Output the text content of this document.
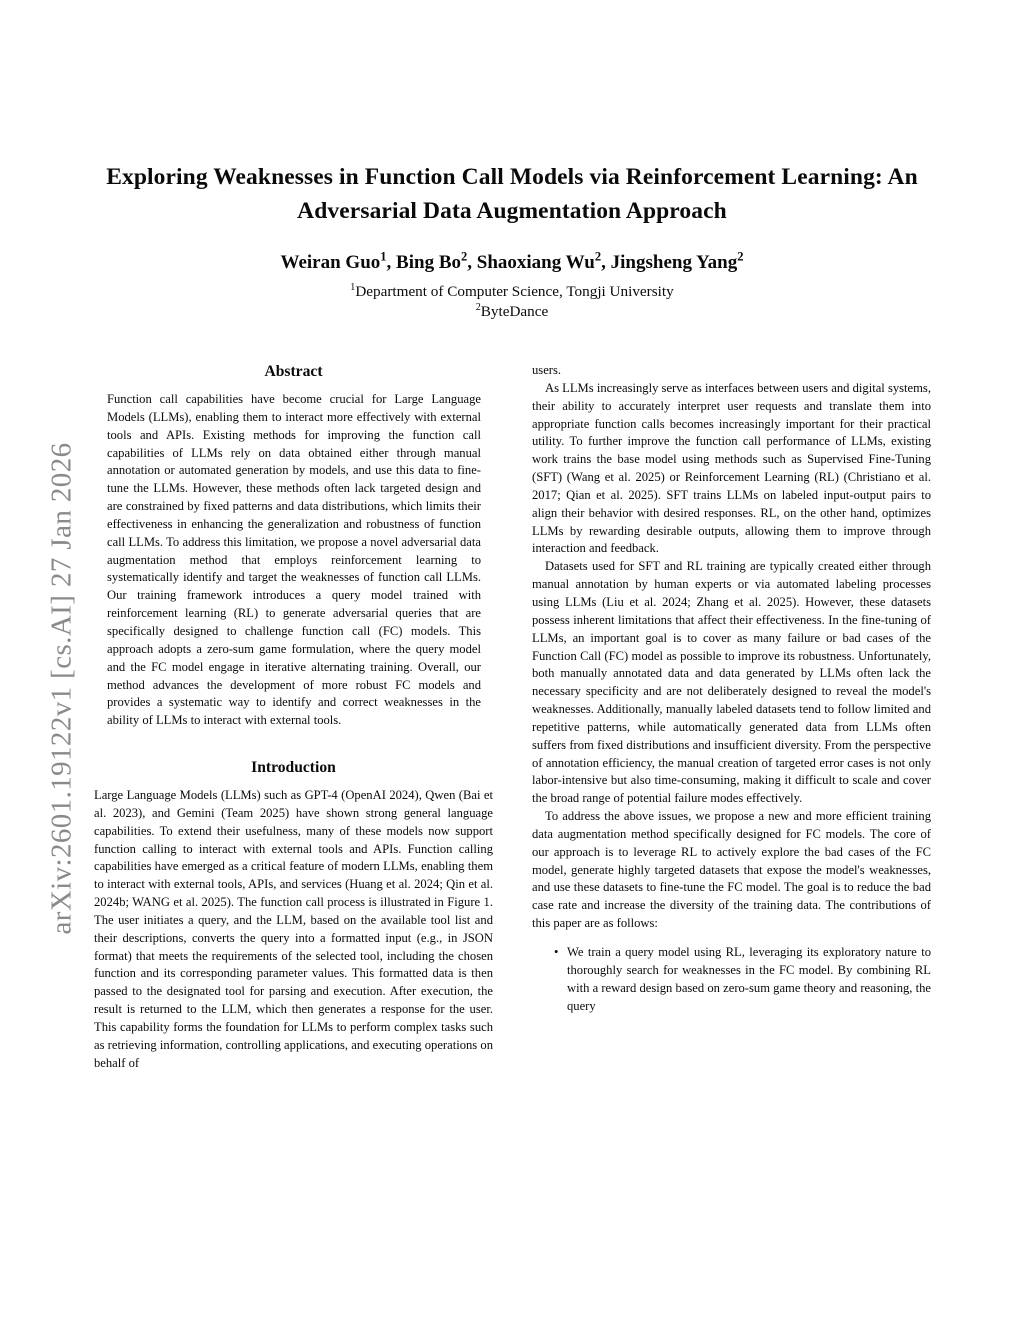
arXiv:2601.19122v1 [cs.AI] 27 Jan 2026
Exploring Weaknesses in Function Call Models via Reinforcement Learning: An Adversarial Data Augmentation Approach
Weiran Guo$^1$, Bing Bo$^2$, Shaoxiang Wu$^2$, Jingsheng Yang$^2$
$^1$Department of Computer Science, Tongji University
$^2$ByteDance
Abstract

Function call capabilities have become crucial for Large Language Models (LLMs), enabling them to interact more effectively with external tools and APIs. Existing methods for improving the function call capabilities of LLMs rely on data obtained either through manual annotation or automated generation by models, and use this data to fine-tune the LLMs. However, these methods often lack targeted design and are constrained by fixed patterns and data distributions, which limits their effectiveness in enhancing the generalization and robustness of function call LLMs. To address this limitation, we propose a novel adversarial data augmentation method that employs reinforcement learning to systematically identify and target the weaknesses of function call LLMs. Our training framework introduces a query model trained with reinforcement learning (RL) to generate adversarial queries that are specifically designed to challenge function call (FC) models. This approach adopts a zero-sum game formulation, where the query model and the FC model engage in iterative alternating training. Overall, our method advances the development of more robust FC models and provides a systematic way to identify and correct weaknesses in the ability of LLMs to interact with external tools.

Introduction

Large Language Models (LLMs) such as GPT-4 (OpenAI 2024), Qwen (Bai et al. 2023), and Gemini (Team 2025) have shown strong general language capabilities. To extend their usefulness, many of these models now support function calling to interact with external tools and APIs. Function calling capabilities have emerged as a critical feature of modern LLMs, enabling them to interact with external tools, APIs, and services (Huang et al. 2024; Qin et al. 2024b; WANG et al. 2025). The function call process is illustrated in Figure 1. The user initiates a query, and the LLM, based on the available tool list and their descriptions, converts the query into a formatted input (e.g., in JSON format) that meets the requirements of the selected tool, including the chosen function and its corresponding parameter values. This formatted data is then passed to the designated tool for parsing and execution. After execution, the result is returned to the LLM, which then generates a response for the user. This capability forms the foundation for LLMs to perform complex tasks such as retrieving information, controlling applications, and executing operations on behalf of

users.

As LLMs increasingly serve as interfaces between users and digital systems, their ability to accurately interpret user requests and translate them into appropriate function calls becomes increasingly important for their practical utility. To further improve the function call performance of LLMs, existing work trains the base model using methods such as Supervised Fine-Tuning (SFT) (Wang et al. 2025) or Reinforcement Learning (RL) (Christiano et al. 2017; Qian et al. 2025). SFT trains LLMs on labeled input-output pairs to align their behavior with desired responses. RL, on the other hand, optimizes LLMs by rewarding desirable outputs, allowing them to improve through interaction and feedback.

Datasets used for SFT and RL training are typically created either through manual annotation by human experts or via automated labeling processes using LLMs (Liu et al. 2024; Zhang et al. 2025). However, these datasets possess inherent limitations that affect their effectiveness. In the fine-tuning of LLMs, an important goal is to cover as many failure or bad cases of the Function Call (FC) model as possible to improve its robustness. Unfortunately, both manually annotated data and data generated by LLMs often lack the necessary specificity and are not deliberately designed to reveal the model's weaknesses. Additionally, manually labeled datasets tend to follow limited and repetitive patterns, while automatically generated data from LLMs often suffers from fixed distributions and insufficient diversity. From the perspective of annotation efficiency, the manual creation of targeted error cases is not only labor-intensive but also time-consuming, making it difficult to scale and cover the broad range of potential failure modes effectively.

To address the above issues, we propose a new and more efficient training data augmentation method specifically designed for FC models. The core of our approach is to leverage RL to actively explore the bad cases of the FC model, generate highly targeted datasets that expose the model's weaknesses, and use these datasets to fine-tune the FC model. The goal is to reduce the bad case rate and increase the diversity of the training data. The contributions of this paper are as follows:

• We train a query model using RL, leveraging its exploratory nature to thoroughly search for weaknesses in the FC model. By combining RL with a reward design based on zero-sum game theory and reasoning, the query
